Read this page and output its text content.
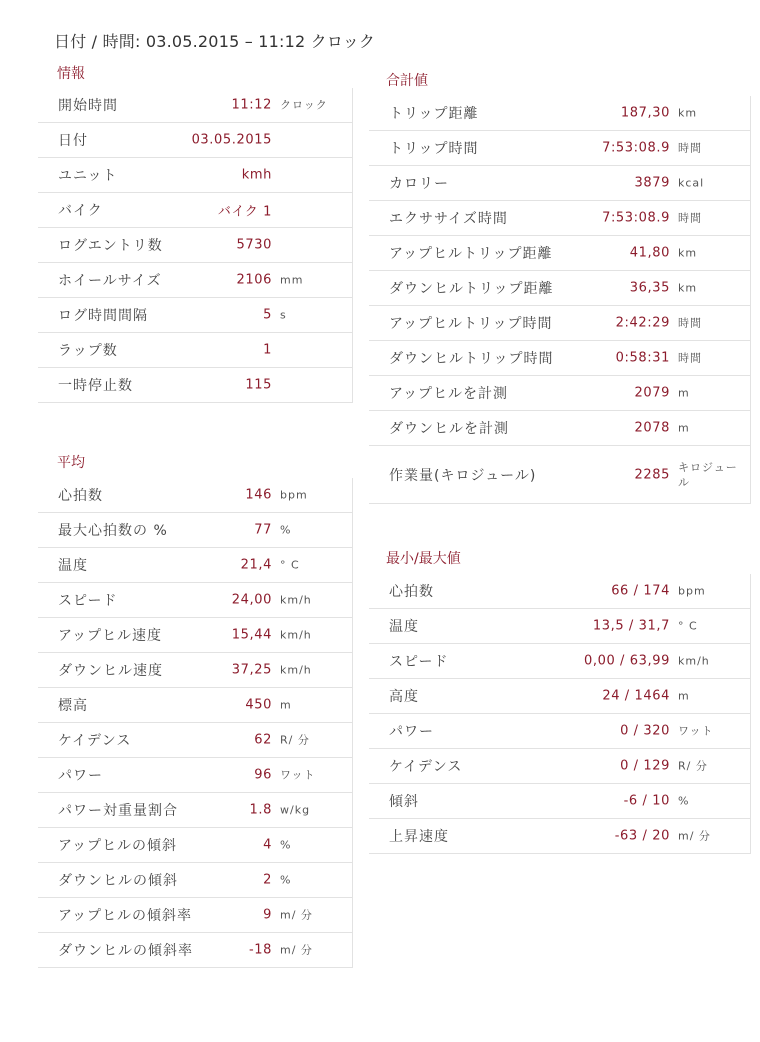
日付 / 時間: 03.05.2015 – 11:12 クロック
情報
開始時間	11:12 クロック
日付	03.05.2015
ユニット	kmh
バイク	バイク 1
ログエントリ数	5730
ホイールサイズ	2106 mm
ログ時間間隔	5 s
ラップ数	1
一時停止数	115
平均
心拍数	146 bpm
最大心拍数の %	77 %
温度	21,4 ° C
スピード	24,00 km/h
アップヒル速度	15,44 km/h
ダウンヒル速度	37,25 km/h
標高	450 m
ケイデンス	62 R/ 分
パワー	96 ワット
パワー対重量割合	1.8 w/kg
アップヒルの傾斜	4 %
ダウンヒルの傾斜	2 %
アップヒルの傾斜率	9 m/ 分
ダウンヒルの傾斜率	-18 m/ 分
合計値
トリップ距離	187,30 km
トリップ時間	7:53:08.9 時間
カロリー	3879 kcal
エクササイズ時間	7:53:08.9 時間
アップヒルトリップ距離	41,80 km
ダウンヒルトリップ距離	36,35 km
アップヒルトリップ時間	2:42:29 時間
ダウンヒルトリップ時間	0:58:31 時間
アップヒルを計測	2079 m
ダウンヒルを計測	2078 m
作業量(キロジュール)	2285 キロジュール
最小/最大値
心拍数	66 / 174 bpm
温度	13,5 / 31,7 ° C
スピード	0,00 / 63,99 km/h
高度	24 / 1464 m
パワー	0 / 320 ワット
ケイデンス	0 / 129 R/ 分
傾斜	-6 / 10 %
上昇速度	-63 / 20 m/ 分
